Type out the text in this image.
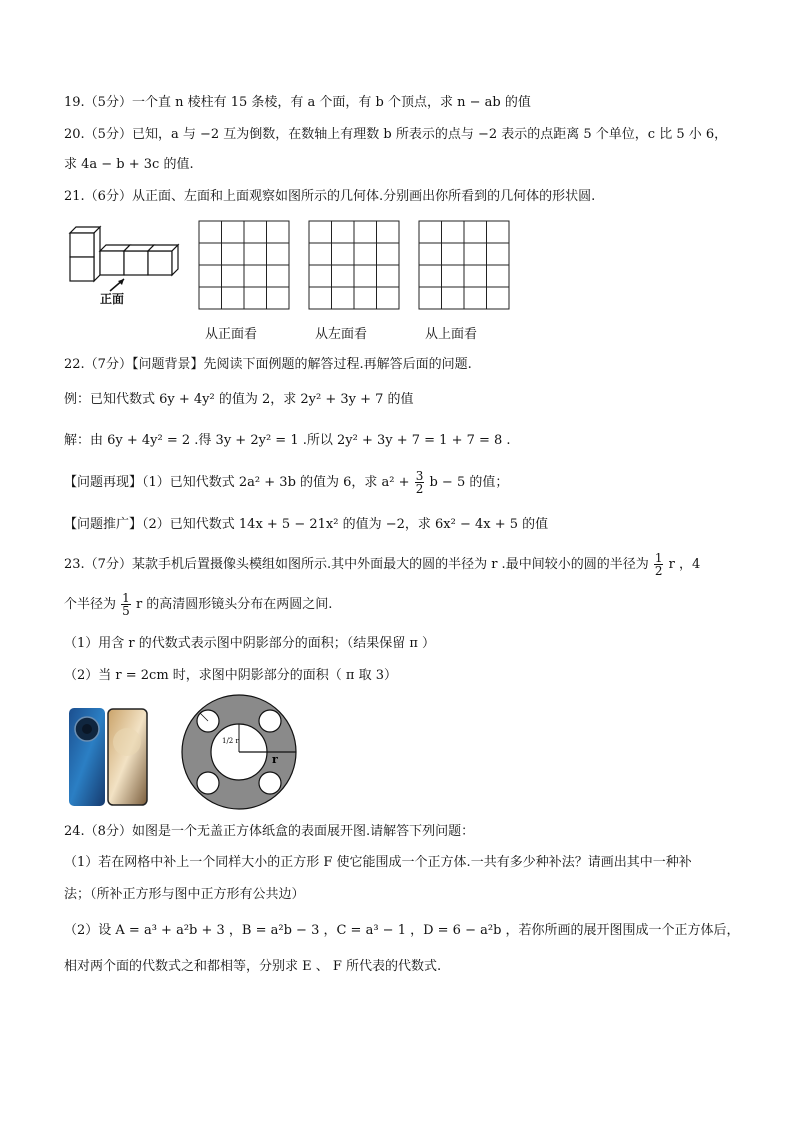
19.（5分）一个直 n 棱柱有 15 条棱，有 a 个面，有 b 个顶点，求 n − ab 的值
20.（5分）已知，a 与 −2 互为倒数，在数轴上有理数 b 所表示的点与 −2 表示的点距离 5 个单位，c 比 5 小 6，
求 4a − b + 3c 的值.
21.（6分）从正面、左面和上面观察如图所示的几何体.分别画出你所看到的几何体的形状圆.
正面
从正面看	从左面看	从上面看
22.（7分）【问题背景】先阅读下面例题的解答过程.再解答后面的问题.
例：已知代数式 6y + 4y² 的值为 2，求 2y² + 3y + 7 的值
解：由 6y + 4y² = 2 .得 3y + 2y² = 1 .所以 2y² + 3y + 7 = 1 + 7 = 8 .
【问题再现】（1）已知代数式 2a² + 3b 的值为 6，求 $a^2 + \frac{3}{2}$ b − 5 的值；
【问题推广】（2）已知代数式 14x + 5 − 21x² 的值为 −2，求 6x² − 4x + 5 的值
23.（7分）某款手机后置摄像头模组如图所示.其中外面最大的圆的半径为 r .最中间较小的圆的半径为 $\frac{1}{2}$ r ，4
个半径为 $\frac{1}{5}$ r 的高清圆形镜头分布在两圆之间.
（1）用含 r 的代数式表示图中阴影部分的面积；（结果保留 π ）
（2）当 r = 2cm 时，求图中阴影部分的面积（ π 取 3）
r
1/2 r
24.（8分）如图是一个无盖正方体纸盒的表面展开图.请解答下列问题：
（1）若在网格中补上一个同样大小的正方形 F 使它能围成一个正方体.一共有多少种补法？请画出其中一种补
法；（所补正方形与图中正方形有公共边）
（2）设 A = a³ + a²b + 3 ，B = a²b − 3 ，C = a³ − 1 ，D = 6 − a²b ，若你所画的展开图围成一个正方体后，
相对两个面的代数式之和都相等，分别求 E 、 F 所代表的代数式.
